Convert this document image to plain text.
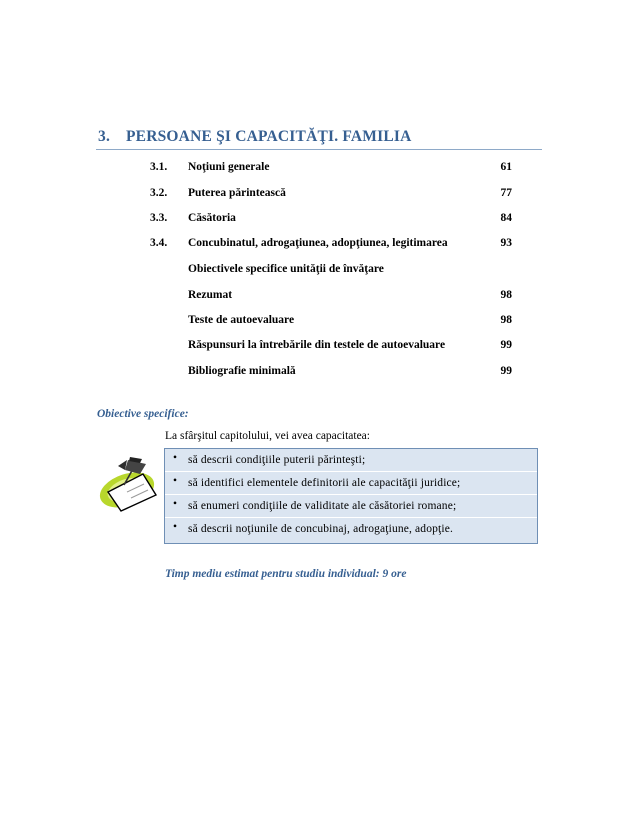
3. PERSOANE ŞI CAPACITĂŢI. FAMILIA
3.1. Noţiuni generale	61
3.2. Puterea părintească	77
3.3. Căsătoria	84
3.4. Concubinatul, adrogaţiunea, adopţiunea, legitimarea	93
Obiectivele specifice unităţii de învăţare
Rezumat	98
Teste de autoevaluare	98
Răspunsuri la întrebările din testele de autoevaluare	99
Bibliografie minimală	99
Obiective specifice:
La sfârşitul capitolului, vei avea capacitatea:
• să descrii condiţiile puterii părinteşti;
• să identifici elementele definitorii ale capacităţii juridice;
• să enumeri condiţiile de validitate ale căsătoriei romane;
• să descrii noţiunile de concubinaj, adrogaţiune, adopţie.
Timp mediu estimat pentru studiu individual: 9 ore
